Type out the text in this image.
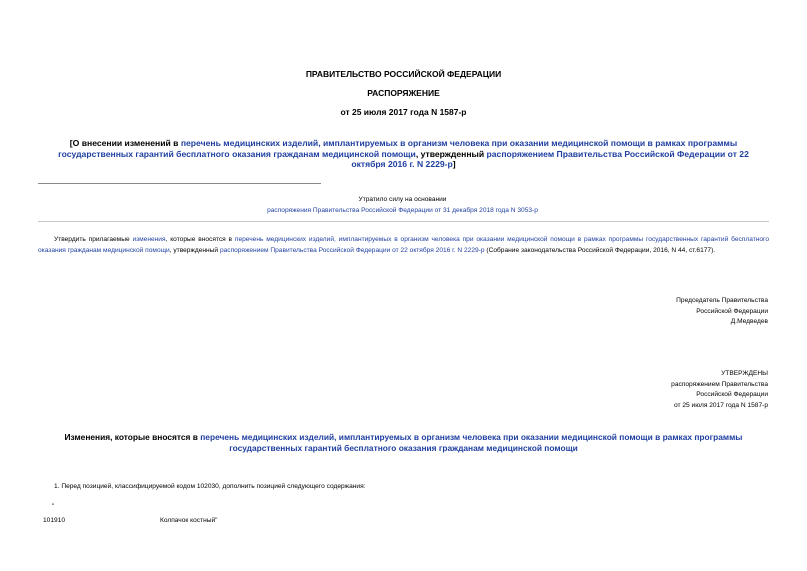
ПРАВИТЕЛЬСТВО РОССИЙСКОЙ ФЕДЕРАЦИИ
РАСПОРЯЖЕНИЕ
от 25 июля 2017 года N 1587-р
[О внесении изменений в перечень медицинских изделий, имплантируемых в организм человека при оказании медицинской помощи в рамках программы государственных гарантий бесплатного оказания гражданам медицинской помощи, утвержденный распоряжением Правительства Российской Федерации от 22 октября 2016 г. N 2229-р]
Утратило силу на основании
распоряжения Правительства Российской Федерации от 31 декабря 2018 года N 3053-р
Утвердить прилагаемые изменения, которые вносятся в перечень медицинских изделий, имплантируемых в организм человека при оказании медицинской помощи в рамках программы государственных гарантий бесплатного оказания гражданам медицинской помощи, утвержденный распоряжением Правительства Российской Федерации от 22 октября 2016 г. N 2229-р (Собрание законодательства Российской Федерации, 2016, N 44, ст.6177).
Председатель Правительства
Российской Федерации
Д.Медведев
УТВЕРЖДЕНЫ
распоряжением Правительства
Российской Федерации
от 25 июля 2017 года N 1587-р
Изменения, которые вносятся в перечень медицинских изделий, имплантируемых в организм человека при оказании медицинской помощи в рамках программы государственных гарантий бесплатного оказания гражданам медицинской помощи
1. Перед позицией, классифицируемой кодом 102030, дополнить позицией следующего содержания:
"
101910	Колпачок костный"
